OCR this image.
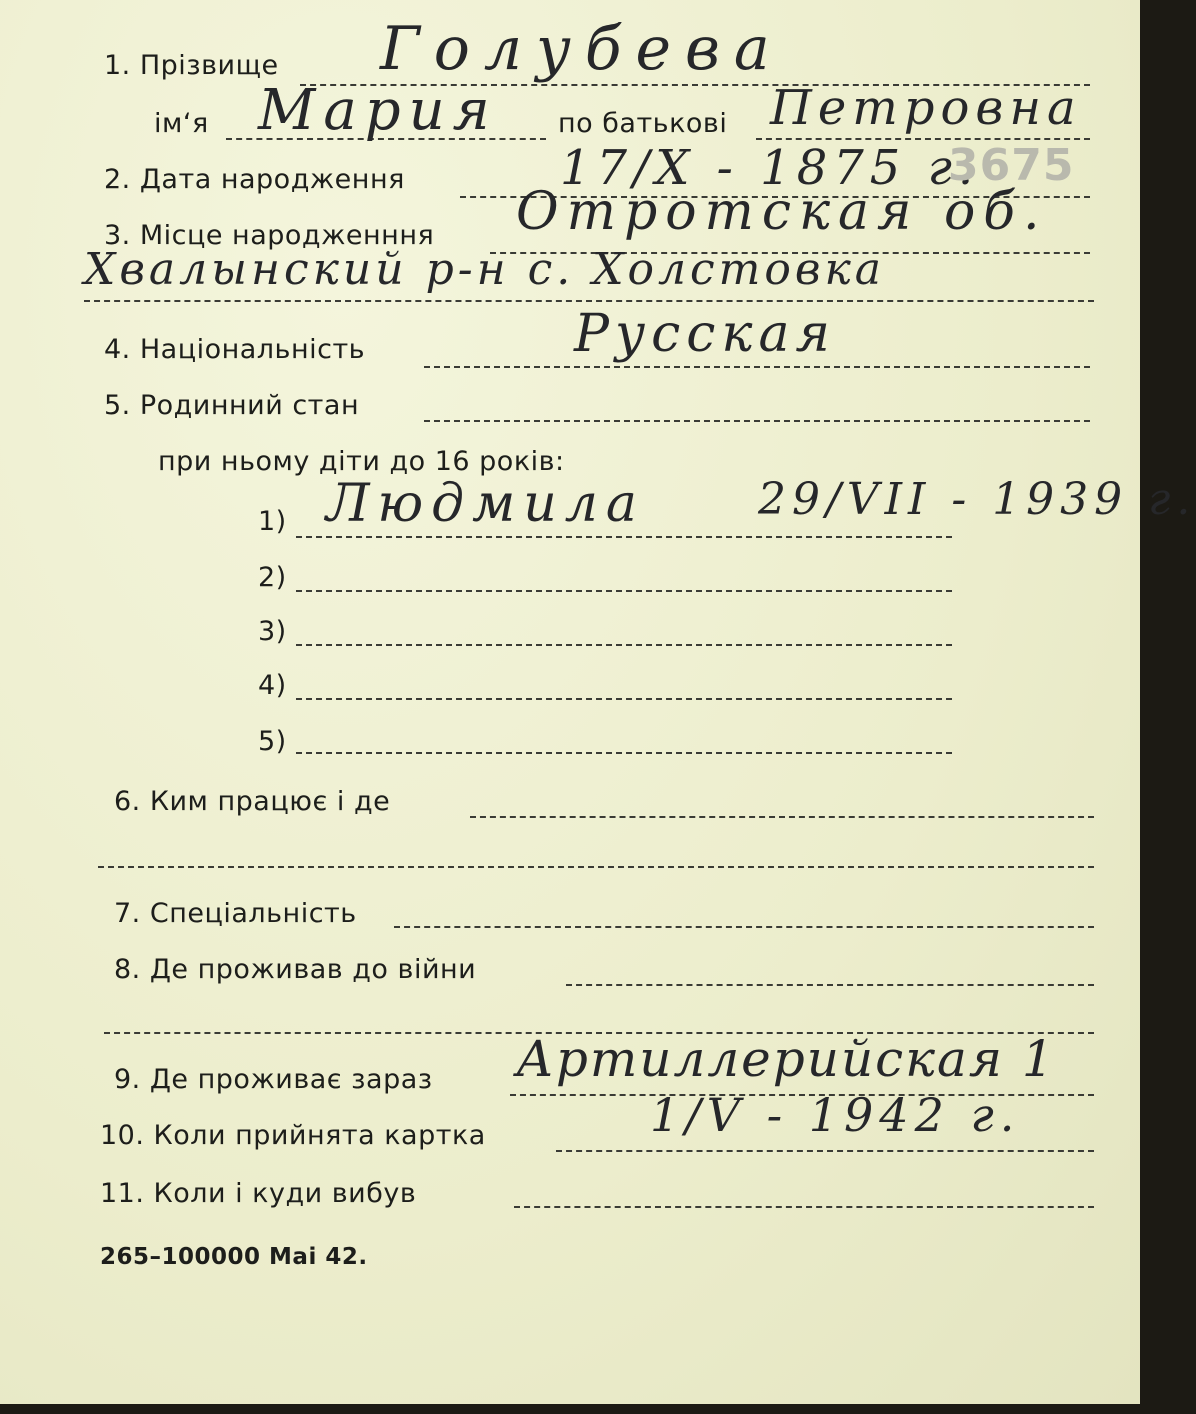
1. Прізвище Голубева
ім‘я Мария по батькові Петровна
2. Дата народження	17/X - 1875 г.
3675
3. Місце народженння Отротская об.
Хвалынский р-н с. Холстовка
4. Національність	Русская
5. Родинний стан
при ньому діти до 16 років:
1) Людмила	29/VII - 1939 г.
2)
3)
4)
5)
6. Ким працює і де
7. Спеціальність
8. Де проживав до війни
9. Де проживає зараз Артиллерийская 1
10. Коли прийнята картка	1/V - 1942 г.
11. Коли і куди вибув
265–100000 Mai 42.
